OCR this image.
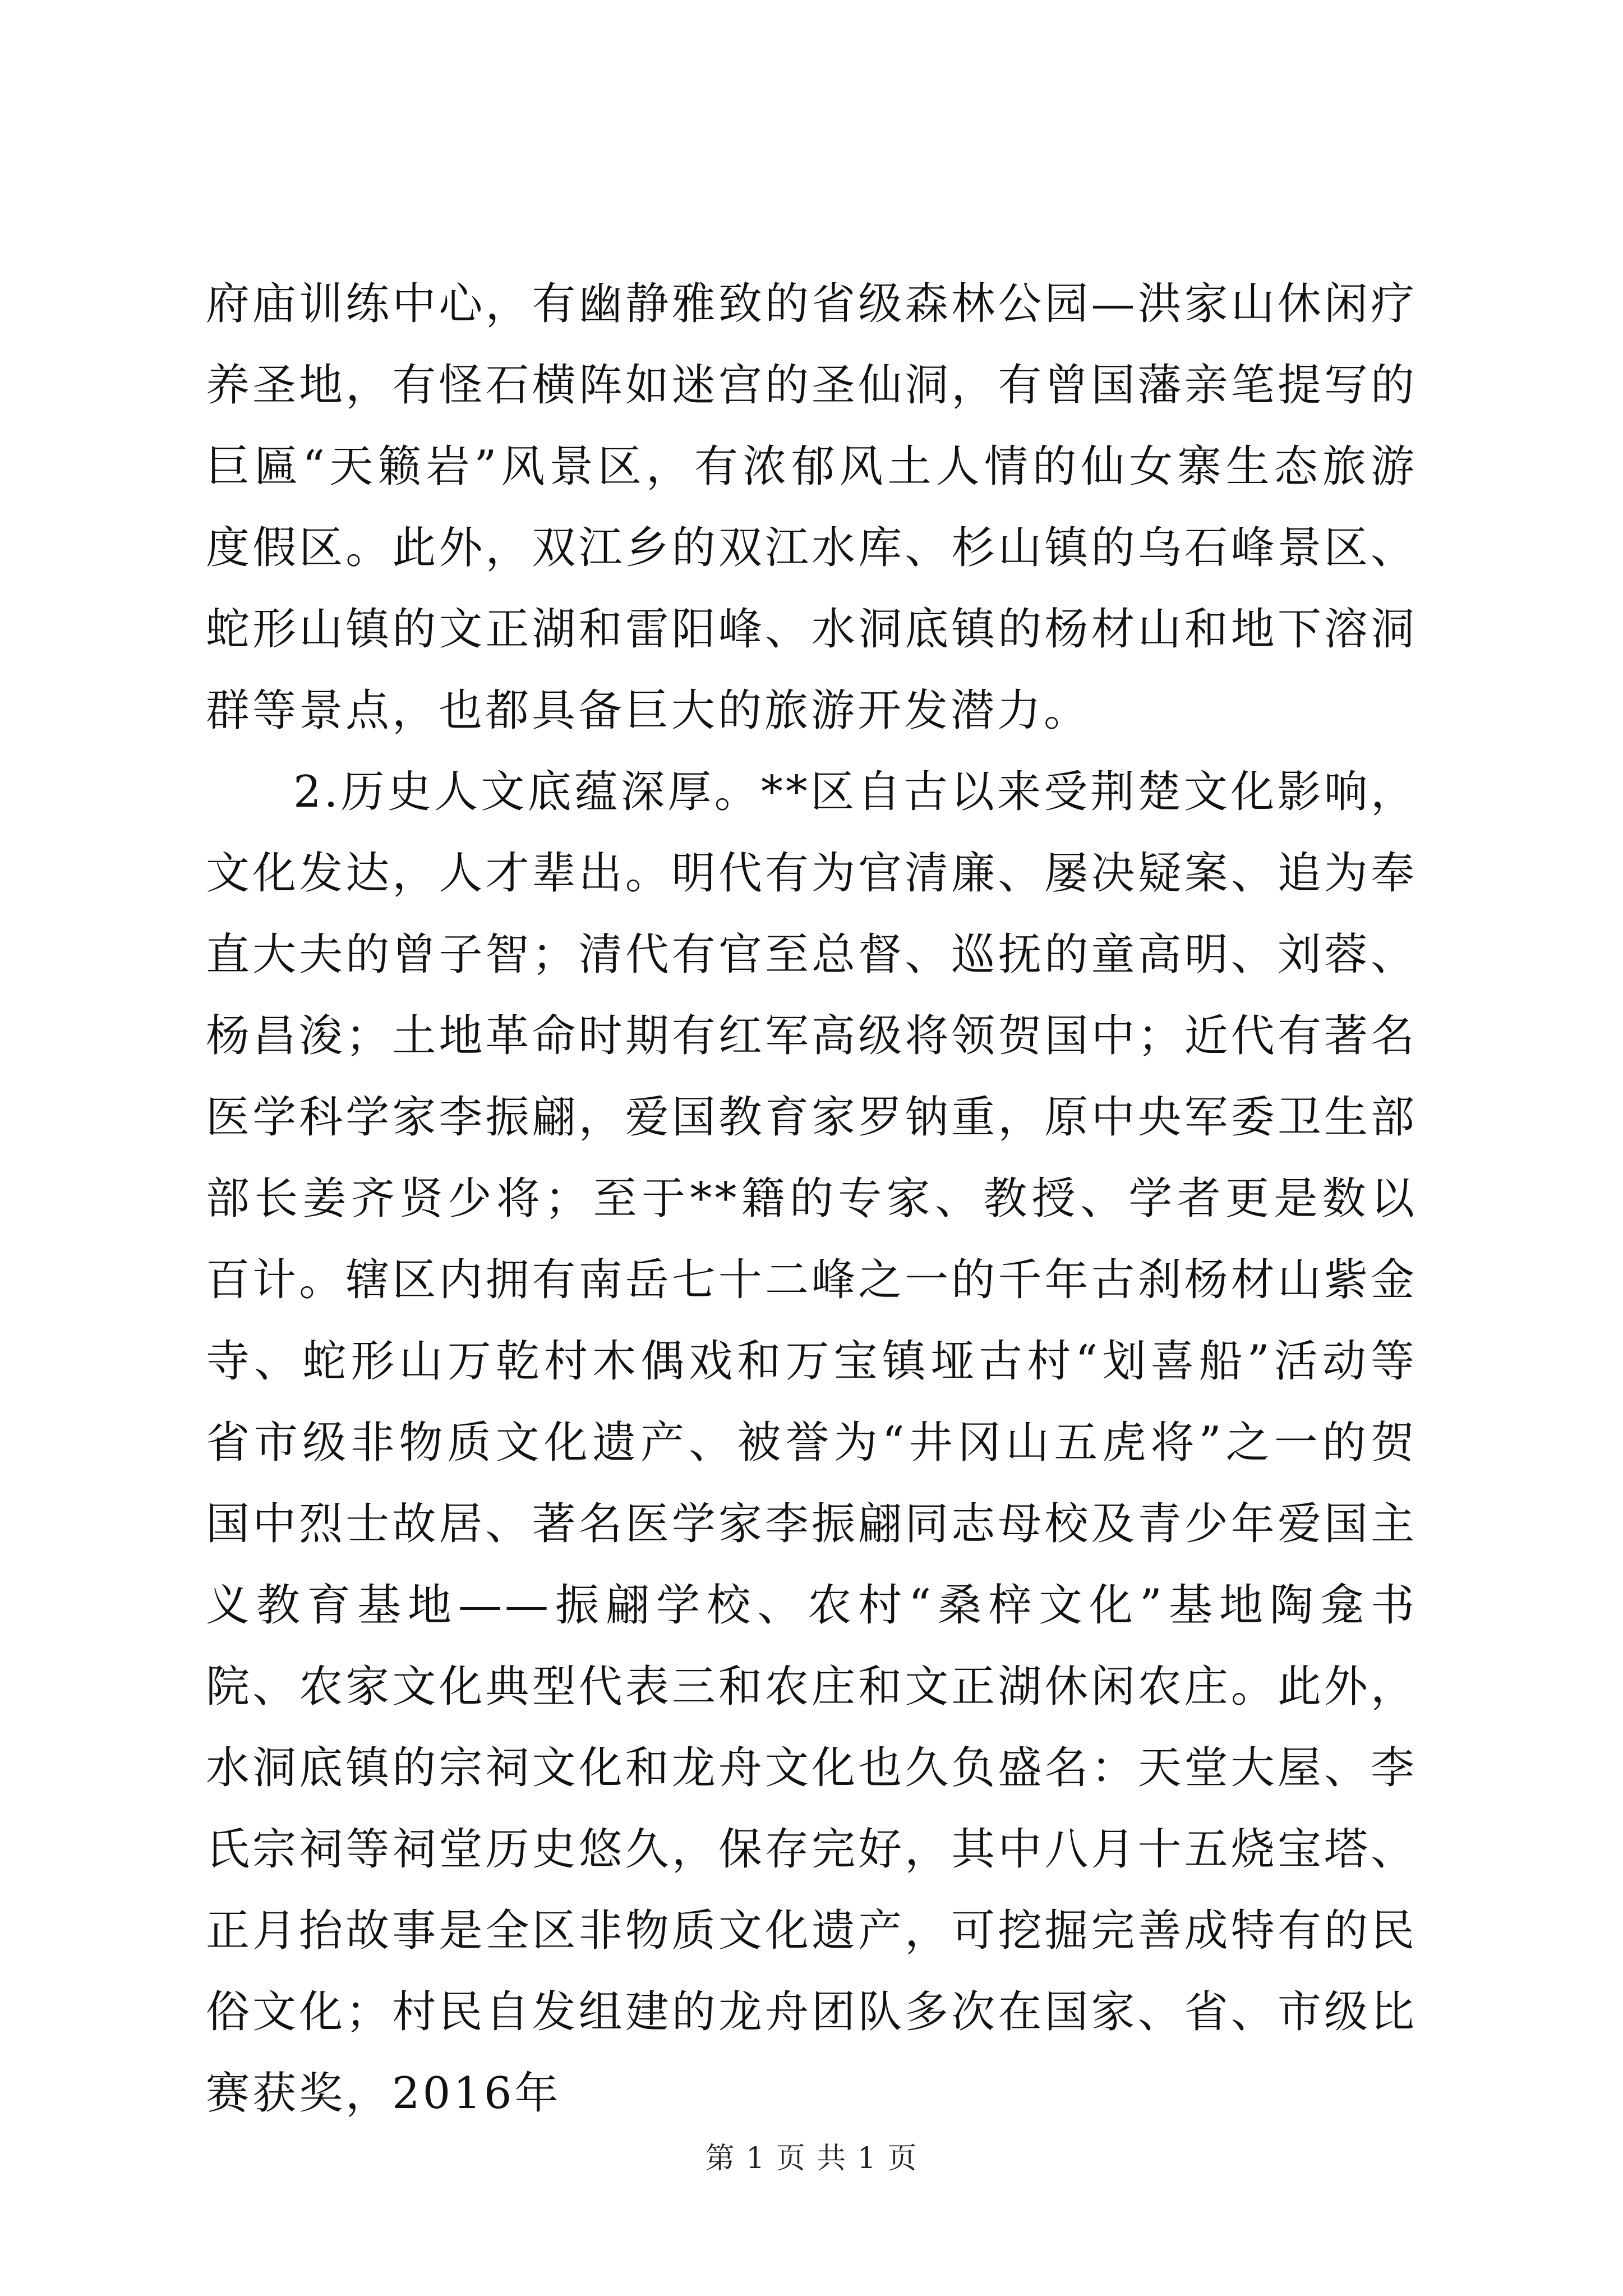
府庙训练中心，有幽静雅致的省级森林公园—洪家山休闲疗养圣地，有怪石横阵如迷宫的圣仙洞，有曾国藩亲笔提写的巨匾“天籁岩”风景区，有浓郁风土人情的仙女寨生态旅游度假区。此外，双江乡的双江水库、杉山镇的乌石峰景区、蛇形山镇的文正湖和雷阳峰、水洞底镇的杨材山和地下溶洞群等景点，也都具备巨大的旅游开发潜力。

2.历史人文底蕴深厚。**区自古以来受荆楚文化影响，文化发达，人才辈出。明代有为官清廉、屡决疑案、追为奉直大夫的曾子智；清代有官至总督、巡抚的童高明、刘蓉、杨昌浚；土地革命时期有红军高级将领贺国中；近代有著名医学科学家李振翩，爱国教育家罗钠重，原中央军委卫生部部长姜齐贤少将；至于**籍的专家、教授、学者更是数以百计。辖区内拥有南岳七十二峰之一的千年古刹杨材山紫金寺、蛇形山万乾村木偶戏和万宝镇垭古村“划喜船”活动等省市级非物质文化遗产、被誉为“井冈山五虎将”之一的贺国中烈士故居、著名医学家李振翩同志母校及青少年爱国主义教育基地——振翩学校、农村“桑梓文化”基地陶龛书院、农家文化典型代表三和农庄和文正湖休闲农庄。此外，水洞底镇的宗祠文化和龙舟文化也久负盛名：天堂大屋、李氏宗祠等祠堂历史悠久，保存完好，其中八月十五烧宝塔、正月抬故事是全区非物质文化遗产，可挖掘完善成特有的民俗文化；村民自发组建的龙舟团队多次在国家、省、市级比赛获奖，2016年

第 1 页 共 1 页
